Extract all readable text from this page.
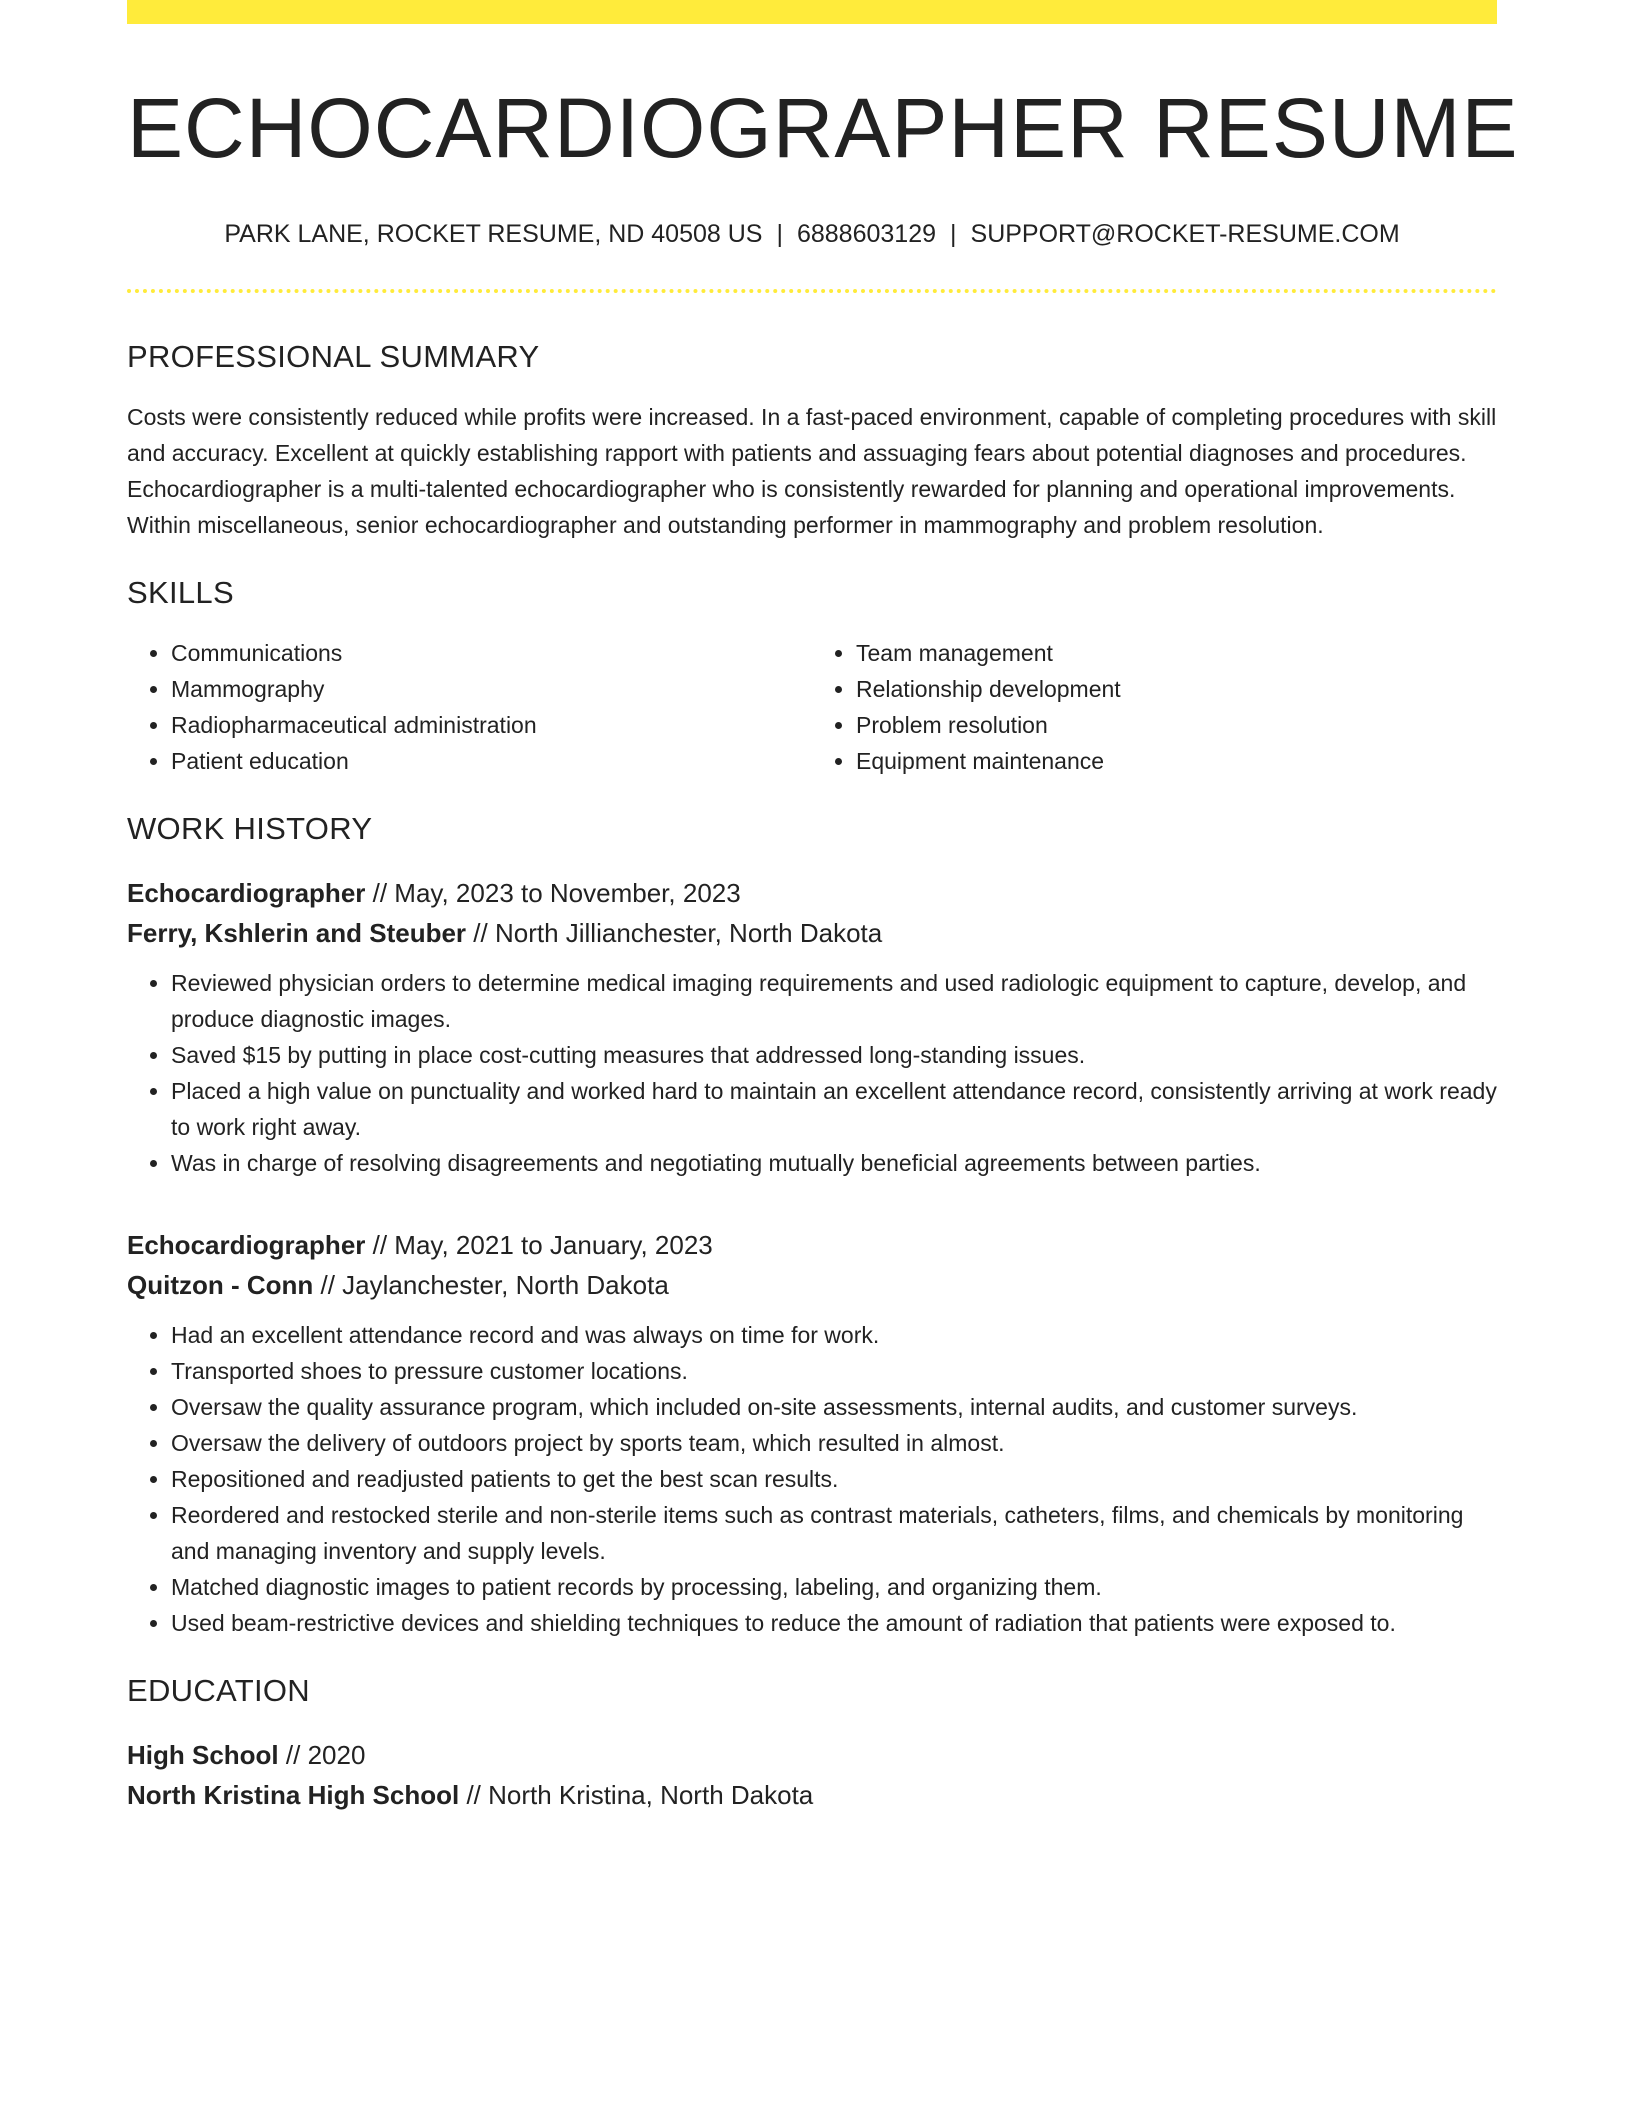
ECHOCARDIOGRAPHER RESUME
PARK LANE, ROCKET RESUME, ND 40508 US | 6888603129 | SUPPORT@ROCKET-RESUME.COM
PROFESSIONAL SUMMARY
Costs were consistently reduced while profits were increased. In a fast-paced environment, capable of completing procedures with skill and accuracy. Excellent at quickly establishing rapport with patients and assuaging fears about potential diagnoses and procedures. Echocardiographer is a multi-talented echocardiographer who is consistently rewarded for planning and operational improvements. Within miscellaneous, senior echocardiographer and outstanding performer in mammography and problem resolution.
SKILLS
• Communications
• Mammography
• Radiopharmaceutical administration
• Patient education
• Team management
• Relationship development
• Problem resolution
• Equipment maintenance
WORK HISTORY
Echocardiographer // May, 2023 to November, 2023
Ferry, Kshlerin and Steuber // North Jillianchester, North Dakota
• Reviewed physician orders to determine medical imaging requirements and used radiologic equipment to capture, develop, and produce diagnostic images.
• Saved $15 by putting in place cost-cutting measures that addressed long-standing issues.
• Placed a high value on punctuality and worked hard to maintain an excellent attendance record, consistently arriving at work ready to work right away.
• Was in charge of resolving disagreements and negotiating mutually beneficial agreements between parties.
Echocardiographer // May, 2021 to January, 2023
Quitzon - Conn // Jaylanchester, North Dakota
• Had an excellent attendance record and was always on time for work.
• Transported shoes to pressure customer locations.
• Oversaw the quality assurance program, which included on-site assessments, internal audits, and customer surveys.
• Oversaw the delivery of outdoors project by sports team, which resulted in almost.
• Repositioned and readjusted patients to get the best scan results.
• Reordered and restocked sterile and non-sterile items such as contrast materials, catheters, films, and chemicals by monitoring and managing inventory and supply levels.
• Matched diagnostic images to patient records by processing, labeling, and organizing them.
• Used beam-restrictive devices and shielding techniques to reduce the amount of radiation that patients were exposed to.
EDUCATION
High School // 2020
North Kristina High School // North Kristina, North Dakota
